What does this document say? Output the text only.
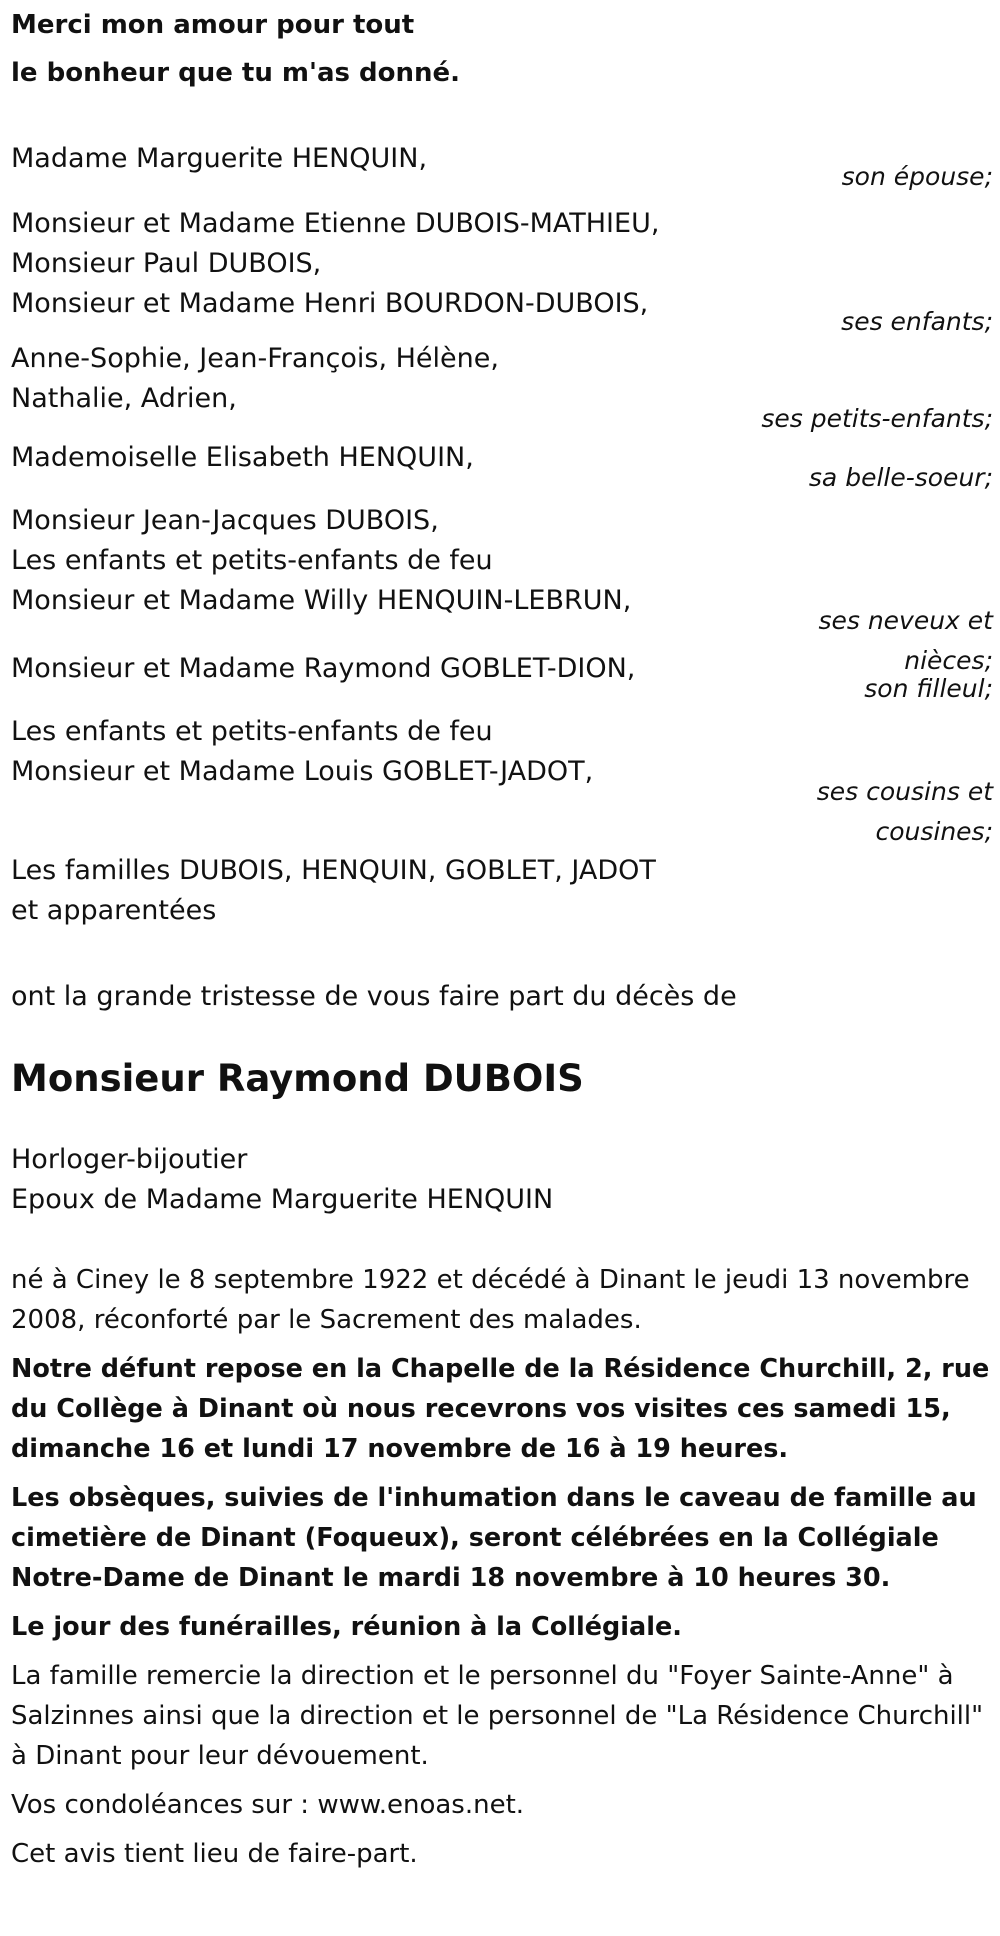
Merci mon amour pour tout
le bonheur que tu m'as donné.

Madame Marguerite HENQUIN,

son épouse;

Monsieur et Madame Etienne DUBOIS-MATHIEU,

Monsieur Paul DUBOIS,

Monsieur et Madame Henri BOURDON-DUBOIS,

ses enfants;

Anne-Sophie, Jean-François, Hélène,

Nathalie, Adrien,

ses petits-enfants;

Mademoiselle Elisabeth HENQUIN,

sa belle-soeur;

Monsieur Jean-Jacques DUBOIS,

Les enfants et petits-enfants de feu

Monsieur et Madame Willy HENQUIN-LEBRUN,

ses neveux et
nièces;

Monsieur et Madame Raymond GOBLET-DION,

son filleul;

Les enfants et petits-enfants de feu

Monsieur et Madame Louis GOBLET-JADOT,

ses cousins et
cousines;

Les familles DUBOIS, HENQUIN, GOBLET, JADOT

et apparentées

ont la grande tristesse de vous faire part du décès de

Monsieur Raymond DUBOIS

Horloger-bijoutier

Epoux de Madame Marguerite HENQUIN

né à Ciney le 8 septembre 1922 et décédé à Dinant le jeudi 13 novembre 2008, réconforté par le Sacrement des malades.

Notre défunt repose en la Chapelle de la Résidence Churchill, 2, rue du Collège à Dinant où nous recevrons vos visites ces samedi 15, dimanche 16 et lundi 17 novembre de 16 à 19 heures.

Les obsèques, suivies de l'inhumation dans le caveau de famille au cimetière de Dinant (Foqueux), seront célébrées en la Collégiale Notre-Dame de Dinant le mardi 18 novembre à 10 heures 30.

Le jour des funérailles, réunion à la Collégiale.

La famille remercie la direction et le personnel du "Foyer Sainte-Anne" à Salzinnes ainsi que la direction et le personnel de "La Résidence Churchill" à Dinant pour leur dévouement.

Vos condoléances sur : www.enoas.net.

Cet avis tient lieu de faire-part.
